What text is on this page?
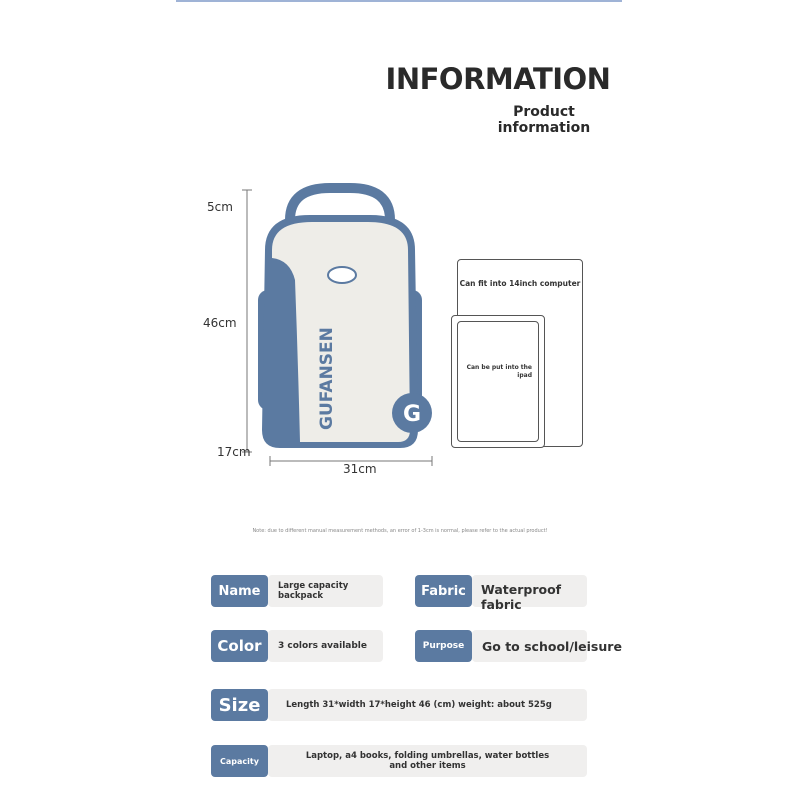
INFORMATION
Product information
5cm
46cm
17cm
31cm
GUFANSEN	G
Can fit into 14inch computer
Can be put into the ipad
Note: due to different manual measurement methods, an error of 1-3cm is normal, please refer to the actual product!
Name	Large capacity backpack	Fabric	Waterproof fabric
Color	3 colors available	Purpose	Go to school/leisure
Size	Length 31*width 17*height 46 (cm) weight: about 525g
Capacity	Laptop, a4 books, folding umbrellas, water bottles and other items
